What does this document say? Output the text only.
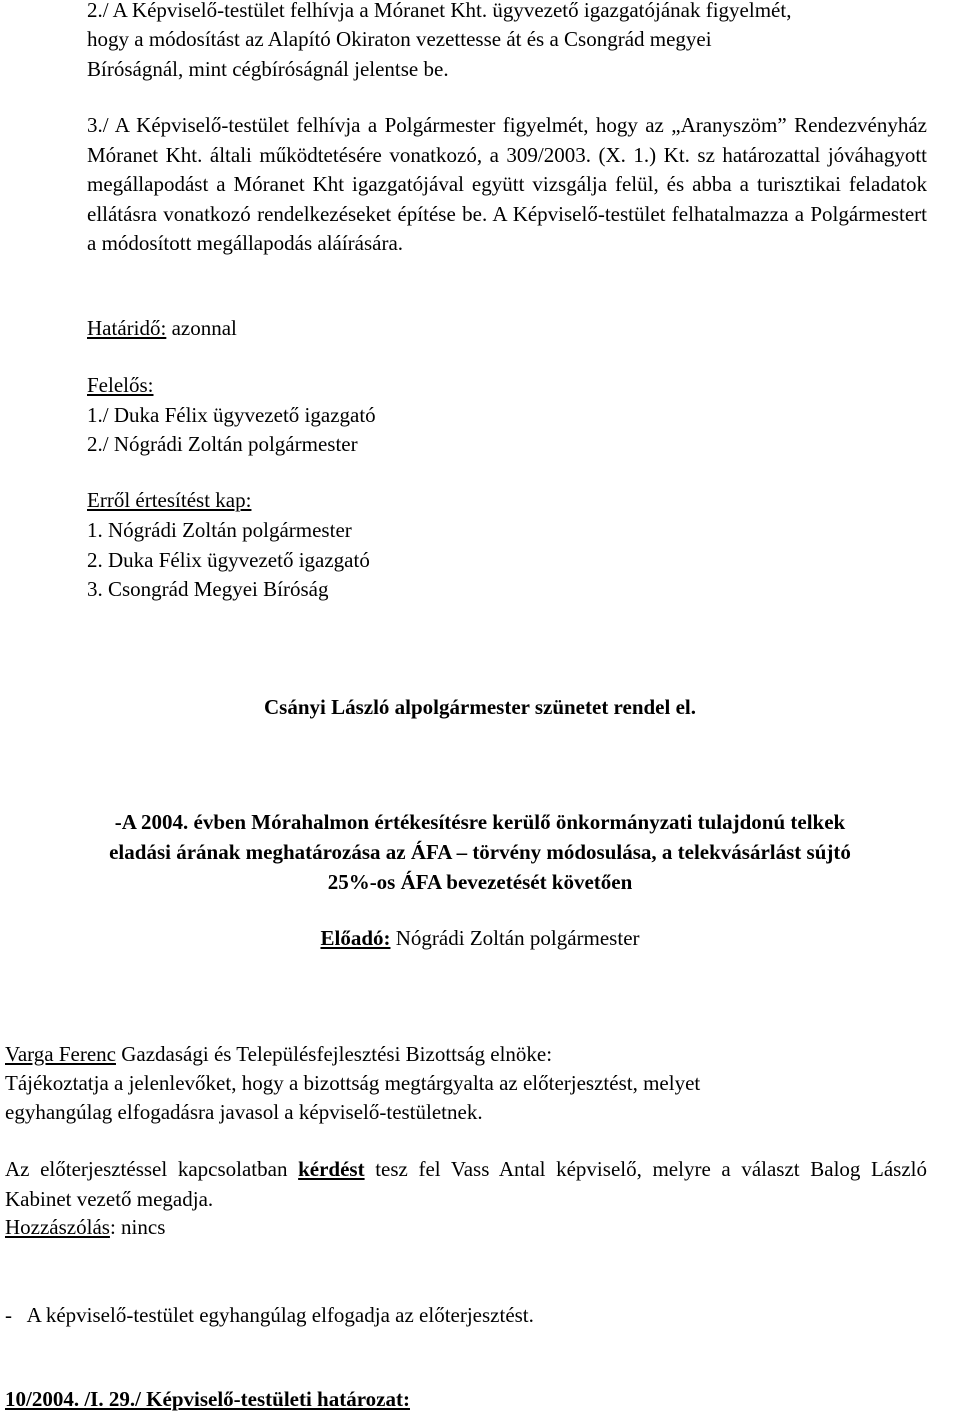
2./ A Képviselő-testület felhívja a Móranet Kht. ügyvezető igazgatójának figyelmét,

hogy a módosítást az Alapító Okiraton vezettesse át és a Csongrád megyei

Bíróságnál, mint cégbíróságnál jelentse be.

3./ A Képviselő-testület felhívja a Polgármester figyelmét, hogy az „Aranyszöm” Rendezvényház Móranet Kht. általi működtetésére vonatkozó, a 309/2003. (X. 1.) Kt. sz határozattal jóváhagyott megállapodást a Móranet Kht igazgatójával együtt vizsgálja felül, és abba a turisztikai feladatok ellátásra vonatkozó rendelkezéseket építése be. A Képviselő-testület felhatalmazza a Polgármestert a módosított megállapodás aláírására.

Határidő: azonnal

Felelős:

1./ Duka Félix ügyvezető igazgató

2./ Nógrádi Zoltán polgármester

Erről értesítést kap:

1. Nógrádi Zoltán polgármester

2. Duka Félix ügyvezető igazgató

3. Csongrád Megyei Bíróság

Csányi László alpolgármester szünetet rendel el.

-A 2004. évben Mórahalmon értékesítésre kerülő önkormányzati tulajdonú telkek

eladási árának meghatározása az ÁFA – törvény módosulása, a telekvásárlást sújtó

25%-os ÁFA bevezetését követően

Előadó: Nógrádi Zoltán polgármester

Varga Ferenc Gazdasági és Településfejlesztési Bizottság elnöke:

Tájékoztatja a jelenlevőket, hogy a bizottság megtárgyalta az előterjesztést, melyet

egyhangúlag elfogadásra javasol a képviselő-testületnek.

Az előterjesztéssel kapcsolatban kérdést tesz fel Vass Antal képviselő, melyre a választ Balog László Kabinet vezető megadja.

Hozzászólás: nincs

-   A képviselő-testület egyhangúlag elfogadja az előterjesztést.

10/2004. /I. 29./ Képviselő-testületi határozat:
